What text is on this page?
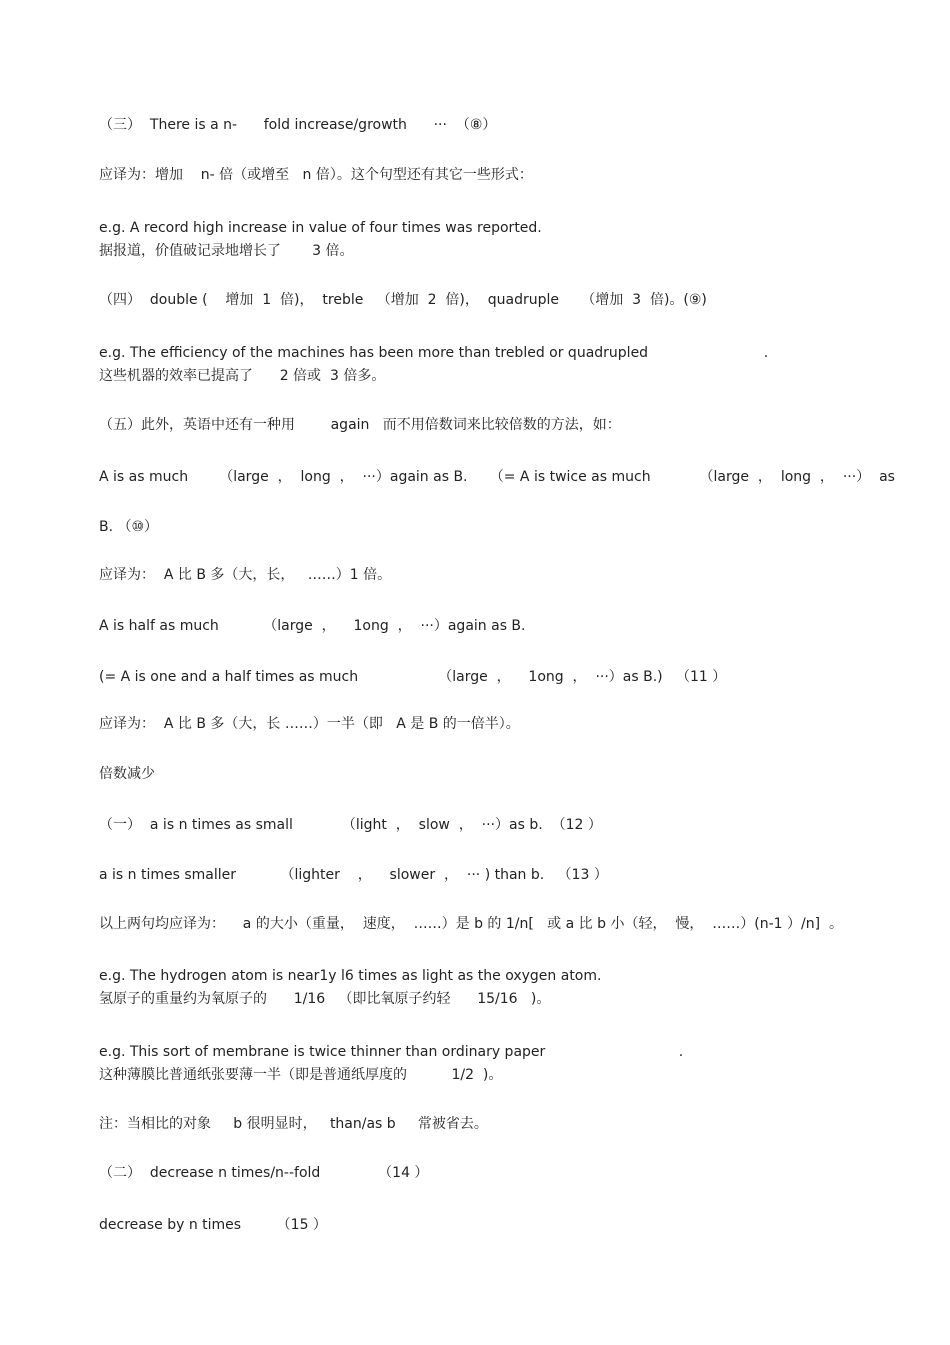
（三）  There is a n-      fold increase/growth      ···  （⑧）

应译为：增加    n- 倍（或增至   n 倍）。这个句型还有其它一些形式：

e.g. A record high increase in value of four times was reported.

据报道，价值破记录地增长了       3 倍。

（四）  double (    增加  1  倍)，  treble   （增加  2  倍)，  quadruple     （增加  3  倍)。(⑨)

e.g. The efficiency of the machines has been more than trebled or quadrupled                          .

这些机器的效率已提高了      2 倍或  3 倍多。

（五）此外，英语中还有一种用        again   而不用倍数词来比较倍数的方法，如：

A is as much       （large  ，  long  ，  ···）again as B.     （= A is twice as much           （large  ，  long  ，  ···）  as

B. （⑩）

应译为：  A 比 B 多（大，长，   ……）1 倍。

A is half as much          （large  ，    1ong  ，  ···）again as B.

(= A is one and a half times as much                  （large  ，    1ong  ，  ···）as B.)   （11 ）

应译为：  A 比 B 多（大，长 ……）一半（即   A 是 B 的一倍半）。

倍数减少

（一）  a is n times as small           （light  ，  slow  ，  ···）as b.  （12 ）

a is n times smaller          （lighter    ，    slower  ，  ··· ) than b.   （13 ）

以上两句均应译为：    a 的大小（重量，  速度，  ……）是 b 的 1/n[   或 a 比 b 小（轻，  慢，  ……）(n-1 ）/n]  。

e.g. The hydrogen atom is near1y l6 times as light as the oxygen atom.

氢原子的重量约为氧原子的      1/16   （即比氧原子约轻      15/16   )。

e.g. This sort of membrane is twice thinner than ordinary paper                              .

这种薄膜比普通纸张要薄一半（即是普通纸厚度的          1/2  )。

注：当相比的对象     b 很明显时，   than/as b     常被省去。

（二）  decrease n times/n--fold             （14 ）

decrease by n times        （15 ）
